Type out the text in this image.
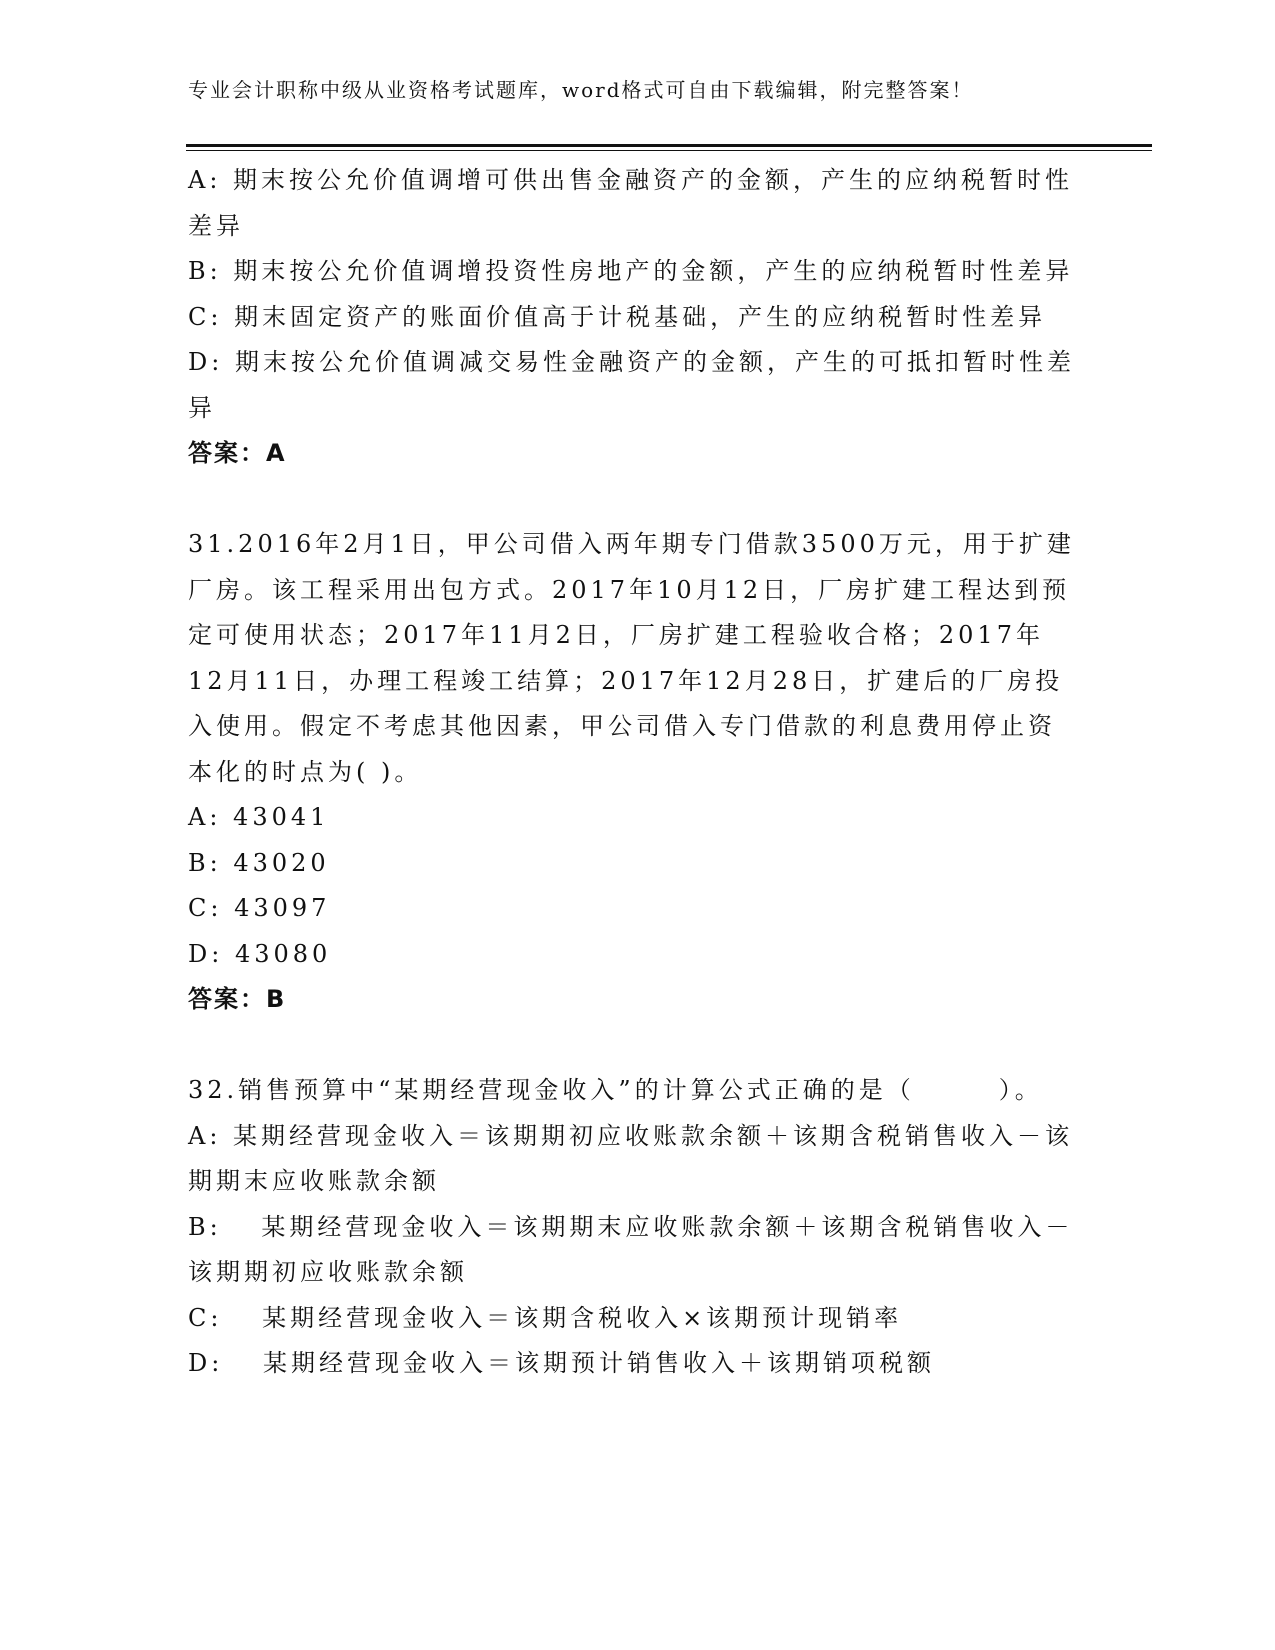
专业会计职称中级从业资格考试题库，word格式可自由下载编辑，附完整答案！

A: 期末按公允价值调增可供出售金融资产的金额，产生的应纳税暂时性差异

B: 期末按公允价值调增投资性房地产的金额，产生的应纳税暂时性差异

C: 期末固定资产的账面价值高于计税基础，产生的应纳税暂时性差异

D: 期末按公允价值调减交易性金融资产的金额，产生的可抵扣暂时性差异

答案：A

31.2016年2月1日，甲公司借入两年期专门借款3500万元，用于扩建厂房。该工程采用出包方式。2017年10月12日，厂房扩建工程达到预定可使用状态；2017年11月2日，厂房扩建工程验收合格；2017年12月11日，办理工程竣工结算；2017年12月28日，扩建后的厂房投入使用。假定不考虑其他因素，甲公司借入专门借款的利息费用停止资本化的时点为( )。

A: 43041

B: 43020

C: 43097

D: 43080

答案：B

32.销售预算中“某期经营现金收入”的计算公式正确的是（　　　）。

A: 某期经营现金收入＝该期期初应收账款余额＋该期含税销售收入－该期期末应收账款余额

B: 　某期经营现金收入＝该期期末应收账款余额＋该期含税销售收入－该期期初应收账款余额

C: 　某期经营现金收入＝该期含税收入×该期预计现销率

D: 　某期经营现金收入＝该期预计销售收入＋该期销项税额
